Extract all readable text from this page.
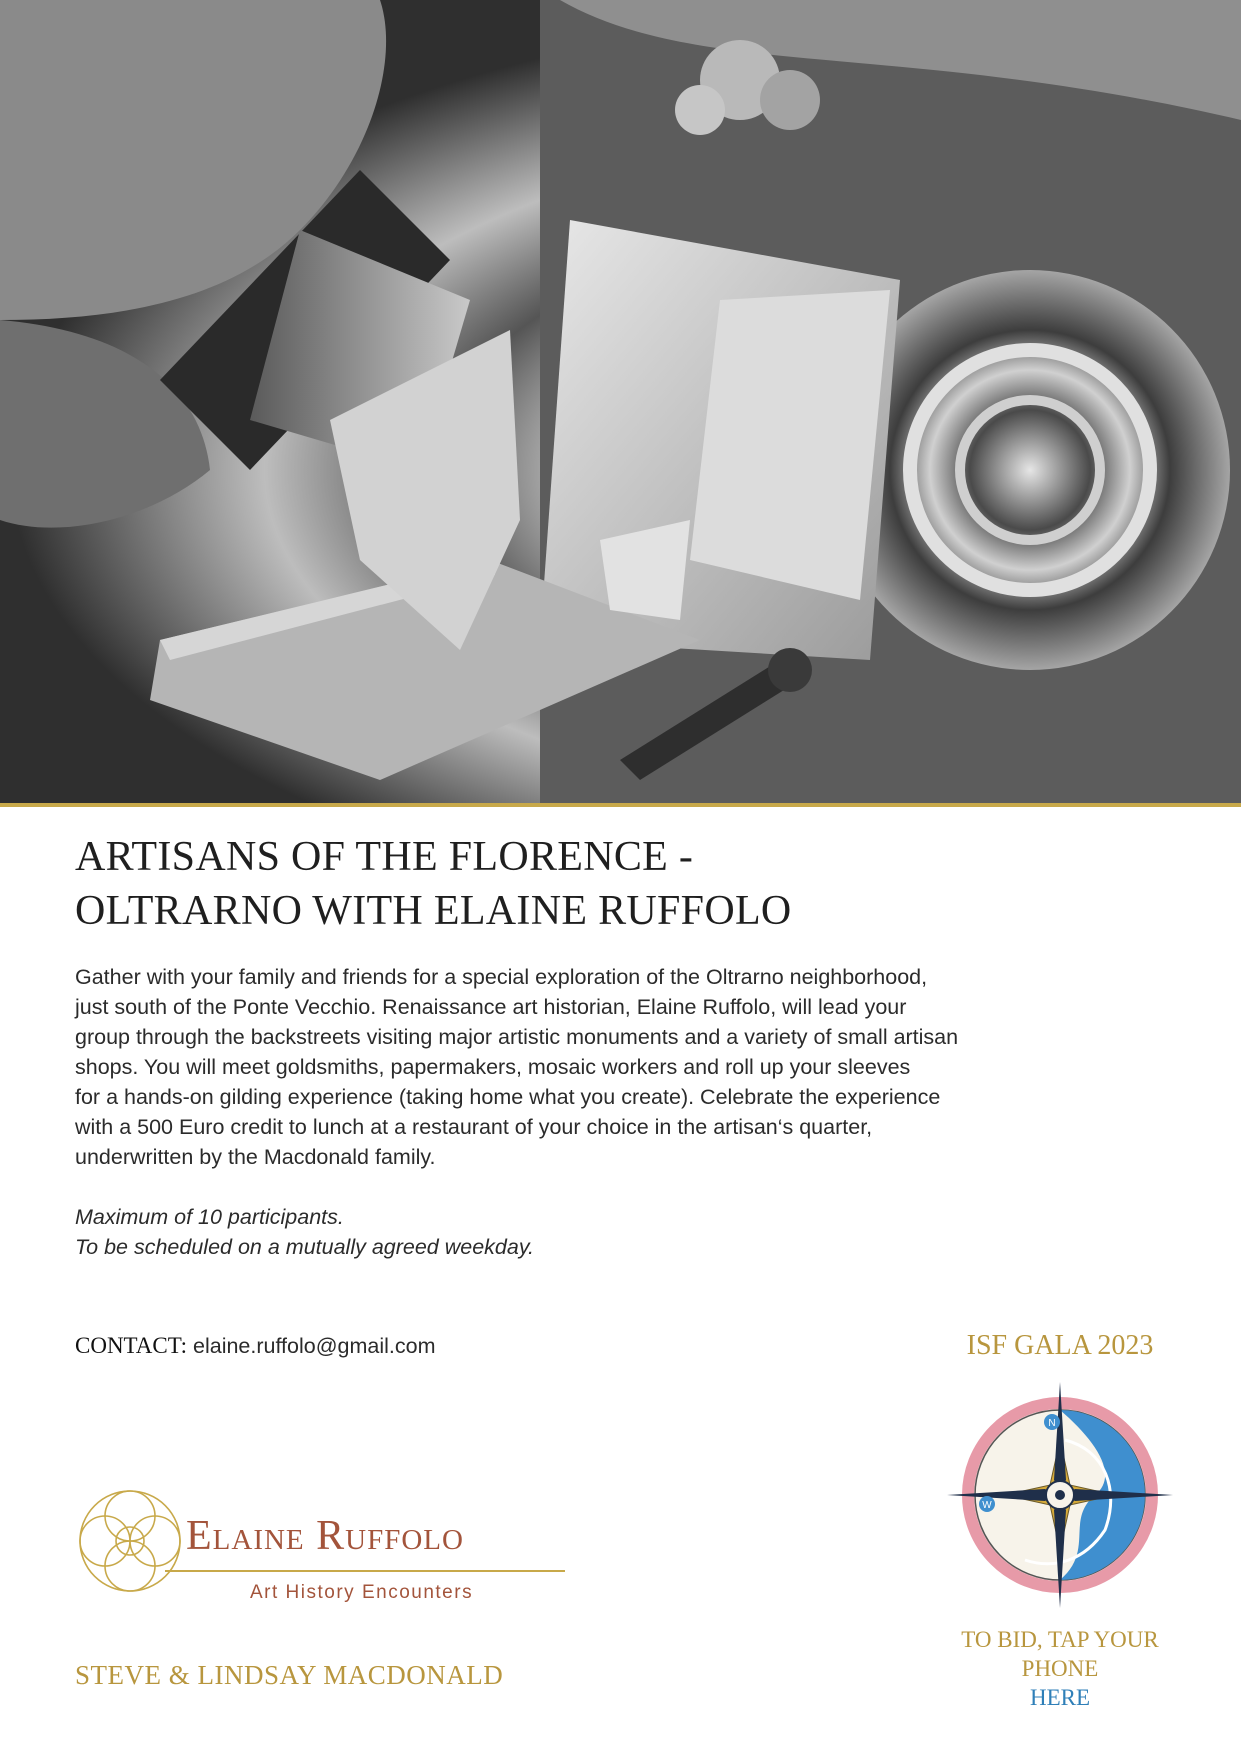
ARTISANS OF THE FLORENCE -
OLTRARNO WITH ELAINE RUFFOLO

Gather with your family and friends for a special exploration of the Oltrarno neighborhood,
just south of the Ponte Vecchio. Renaissance art historian, Elaine Ruffolo, will lead your
group through the backstreets visiting major artistic monuments and a variety of small artisan
shops. You will meet goldsmiths, papermakers, mosaic workers and roll up your sleeves
for a hands-on gilding experience (taking home what you create). Celebrate the experience
with a 500 Euro credit to lunch at a restaurant of your choice in the artisan‘s quarter,
underwritten by the Macdonald family.

Maximum of 10 participants.
To be scheduled on a mutually agreed weekday.
CONTACT: elaine.ruffolo@gmail.com	ISF GALA 2023
N
W
TO BID, TAP YOUR
PHONE
HERE
Elaine Ruffolo
Art History Encounters
STEVE & LINDSAY MACDONALD
